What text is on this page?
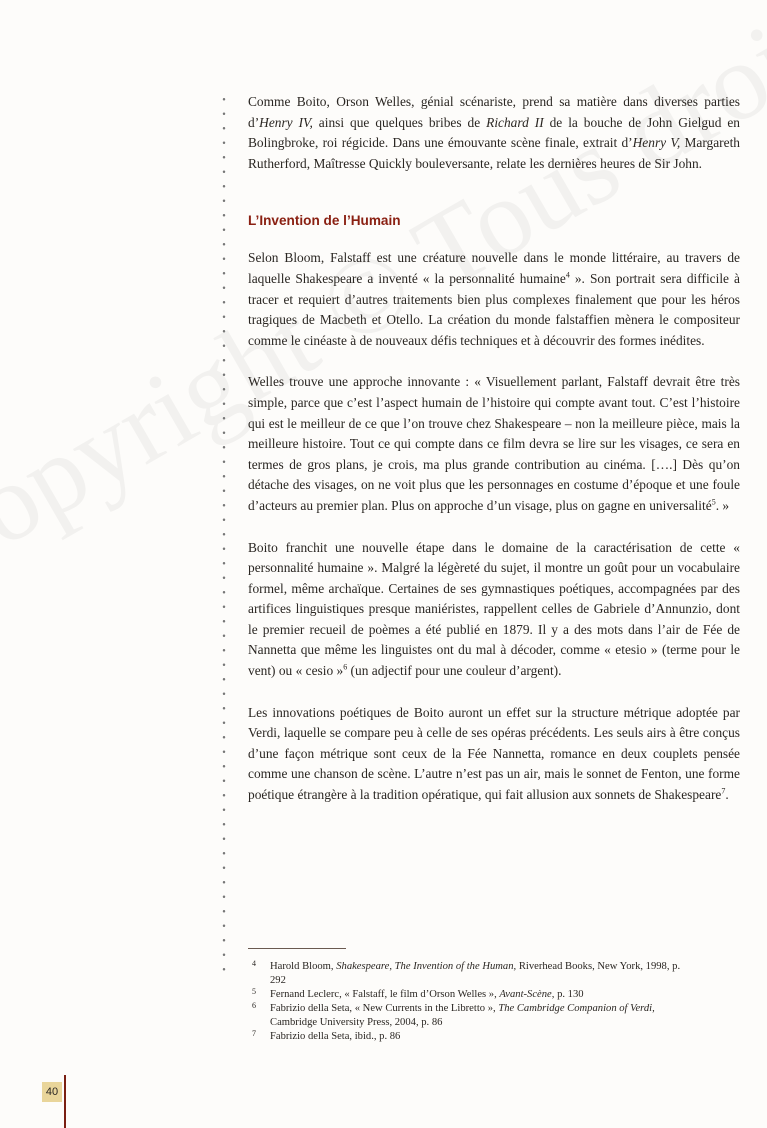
Comme Boito, Orson Welles, génial scénariste, prend sa matière dans diverses parties d’Henry IV, ainsi que quelques bribes de Richard II de la bouche de John Gielgud en Bolingbroke, roi régicide. Dans une émouvante scène finale, extrait d’Henry V, Margareth Rutherford, Maîtresse Quickly bouleversante, relate les dernières heures de Sir John.

L’Invention de l’Humain

Selon Bloom, Falstaff est une créature nouvelle dans le monde littéraire, au travers de laquelle Shakespeare a inventé « la personnalité humaine$^4$ ». Son portrait sera difficile à tracer et requiert d’autres traitements bien plus complexes finalement que pour les héros tragiques de Macbeth et Otello. La création du monde falstaffien mènera le compositeur comme le cinéaste à de nouveaux défis techniques et à découvrir des formes inédites.

Welles trouve une approche innovante : « Visuellement parlant, Falstaff devrait être très simple, parce que c’est l’aspect humain de l’histoire qui compte avant tout. C’est l’histoire qui est le meilleur de ce que l’on trouve chez Shakespeare – non la meilleure pièce, mais la meilleure histoire. Tout ce qui compte dans ce film devra se lire sur les visages, ce sera en termes de gros plans, je crois, ma plus grande contribution au cinéma. [….] Dès qu’on détache des visages, on ne voit plus que les personnages en costume d’époque et une foule d’acteurs au premier plan. Plus on approche d’un visage, plus on gagne en universalité$^5$. »

Boito franchit une nouvelle étape dans le domaine de la caractérisation de cette « personnalité humaine ». Malgré la légèreté du sujet, il montre un goût pour un vocabulaire formel, même archaïque. Certaines de ses gymnastiques poétiques, accompagnées par des artifices linguistiques presque maniéristes, rappellent celles de Gabriele d’Annunzio, dont le premier recueil de poèmes a été publié en 1879. Il y a des mots dans l’air de Fée de Nannetta que même les linguistes ont du mal à décoder, comme « etesio » (terme pour le vent) ou « cesio »$^6$ (un adjectif pour une couleur d’argent).

Les innovations poétiques de Boito auront un effet sur la structure métrique adoptée par Verdi, laquelle se compare peu à celle de ses opéras précédents. Les seuls airs à être conçus d’une façon métrique sont ceux de la Fée Nannetta, romance en deux couplets pensée comme une chanson de scène. L’autre n’est pas un air, mais le sonnet de Fenton, une forme poétique étrangère à la tradition opératique, qui fait allusion aux sonnets de Shakespeare$^7$.

4 Harold Bloom, Shakespeare, The Invention of the Human, Riverhead Books, New York, 1998, p. 292
5 Fernand Leclerc, « Falstaff, le film d’Orson Welles », Avant-Scène, p. 130
6 Fabrizio della Seta, « New Currents in the Libretto », The Cambridge Companion of Verdi, Cambridge University Press, 2004, p. 86
7 Fabrizio della Seta, ibid., p. 86
40
